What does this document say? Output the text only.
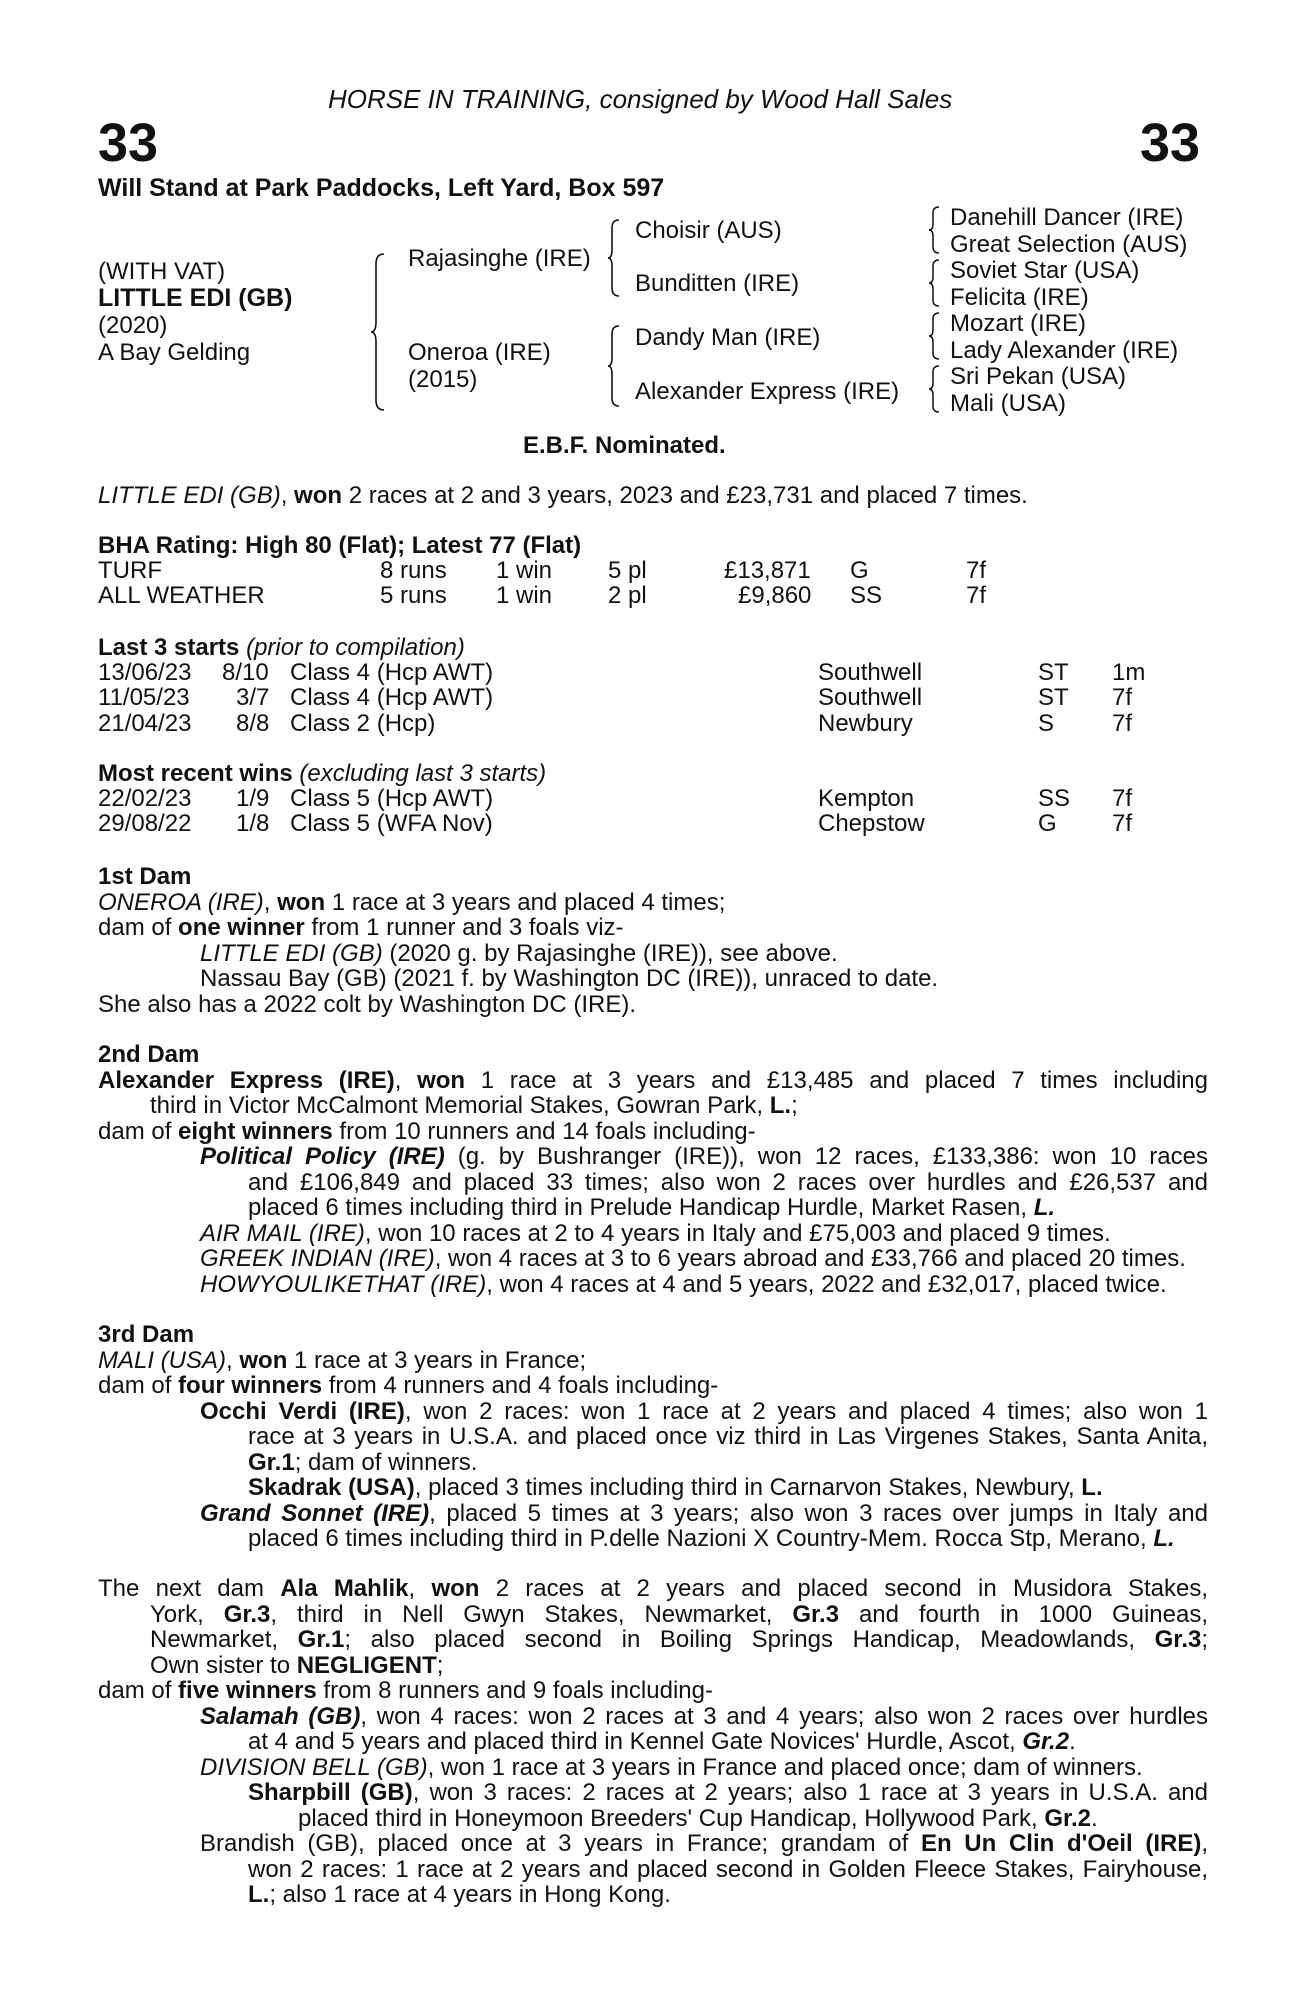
HORSE IN TRAINING, consigned by Wood Hall Sales
33	33
Will Stand at Park Paddocks, Left Yard, Box 597
(WITH VAT)
LITTLE EDI (GB)
(2020)
A Bay Gelding
Rajasinghe (IRE)
Oneroa (IRE)
(2015)
Choisir (AUS)
Bunditten (IRE)
Dandy Man (IRE)
Alexander Express (IRE)
Danehill Dancer (IRE)
Great Selection (AUS)
Soviet Star (USA)
Felicita (IRE)
Mozart (IRE)
Lady Alexander (IRE)
Sri Pekan (USA)
Mali (USA)
E.B.F. Nominated.
LITTLE EDI (GB), won 2 races at 2 and 3 years, 2023 and £23,731 and placed 7 times.
BHA Rating: High 80 (Flat); Latest 77 (Flat)
TURF	8 runs 1 win 5 pl	£13,871 G	7f
ALL WEATHER	5 runs 1 win 2 pl	£9,860 SS	7f
Last 3 starts (prior to compilation)
13/06/23 8/10 Class 4 (Hcp AWT)	Southwell	ST 1m
11/05/23 3/7 Class 4 (Hcp AWT)	Southwell	ST 7f
21/04/23 8/8 Class 2 (Hcp)	Newbury	S 7f
Most recent wins (excluding last 3 starts)
22/02/23 1/9 Class 5 (Hcp AWT)	Kempton	SS 7f
29/08/22 1/8 Class 5 (WFA Nov)	Chepstow	G 7f
1st Dam
ONEROA (IRE), won 1 race at 3 years and placed 4 times;
dam of one winner from 1 runner and 3 foals viz-
LITTLE EDI (GB) (2020 g. by Rajasinghe (IRE)), see above.
Nassau Bay (GB) (2021 f. by Washington DC (IRE)), unraced to date.
She also has a 2022 colt by Washington DC (IRE).
2nd Dam
Alexander Express (IRE), won 1 race at 3 years and £13,485 and placed 7 times including
third in Victor McCalmont Memorial Stakes, Gowran Park, L.;
dam of eight winners from 10 runners and 14 foals including-
Political Policy (IRE) (g. by Bushranger (IRE)), won 12 races, £133,386: won 10 races
and £106,849 and placed 33 times; also won 2 races over hurdles and £26,537 and
placed 6 times including third in Prelude Handicap Hurdle, Market Rasen, L.
AIR MAIL (IRE), won 10 races at 2 to 4 years in Italy and £75,003 and placed 9 times.
GREEK INDIAN (IRE), won 4 races at 3 to 6 years abroad and £33,766 and placed 20 times.
HOWYOULIKETHAT (IRE), won 4 races at 4 and 5 years, 2022 and £32,017, placed twice.
3rd Dam
MALI (USA), won 1 race at 3 years in France;
dam of four winners from 4 runners and 4 foals including-
Occhi Verdi (IRE), won 2 races: won 1 race at 2 years and placed 4 times; also won 1
race at 3 years in U.S.A. and placed once viz third in Las Virgenes Stakes, Santa Anita,
Gr.1; dam of winners.
Skadrak (USA), placed 3 times including third in Carnarvon Stakes, Newbury, L.
Grand Sonnet (IRE), placed 5 times at 3 years; also won 3 races over jumps in Italy and
placed 6 times including third in P.delle Nazioni X Country-Mem. Rocca Stp, Merano, L.
The next dam Ala Mahlik, won 2 races at 2 years and placed second in Musidora Stakes,
York, Gr.3, third in Nell Gwyn Stakes, Newmarket, Gr.3 and fourth in 1000 Guineas,
Newmarket, Gr.1; also placed second in Boiling Springs Handicap, Meadowlands, Gr.3;
Own sister to NEGLIGENT;
dam of five winners from 8 runners and 9 foals including-
Salamah (GB), won 4 races: won 2 races at 3 and 4 years; also won 2 races over hurdles
at 4 and 5 years and placed third in Kennel Gate Novices' Hurdle, Ascot, Gr.2.
DIVISION BELL (GB), won 1 race at 3 years in France and placed once; dam of winners.
Sharpbill (GB), won 3 races: 2 races at 2 years; also 1 race at 3 years in U.S.A. and
placed third in Honeymoon Breeders' Cup Handicap, Hollywood Park, Gr.2.
Brandish (GB), placed once at 3 years in France; grandam of En Un Clin d'Oeil (IRE),
won 2 races: 1 race at 2 years and placed second in Golden Fleece Stakes, Fairyhouse,
L.; also 1 race at 4 years in Hong Kong.
